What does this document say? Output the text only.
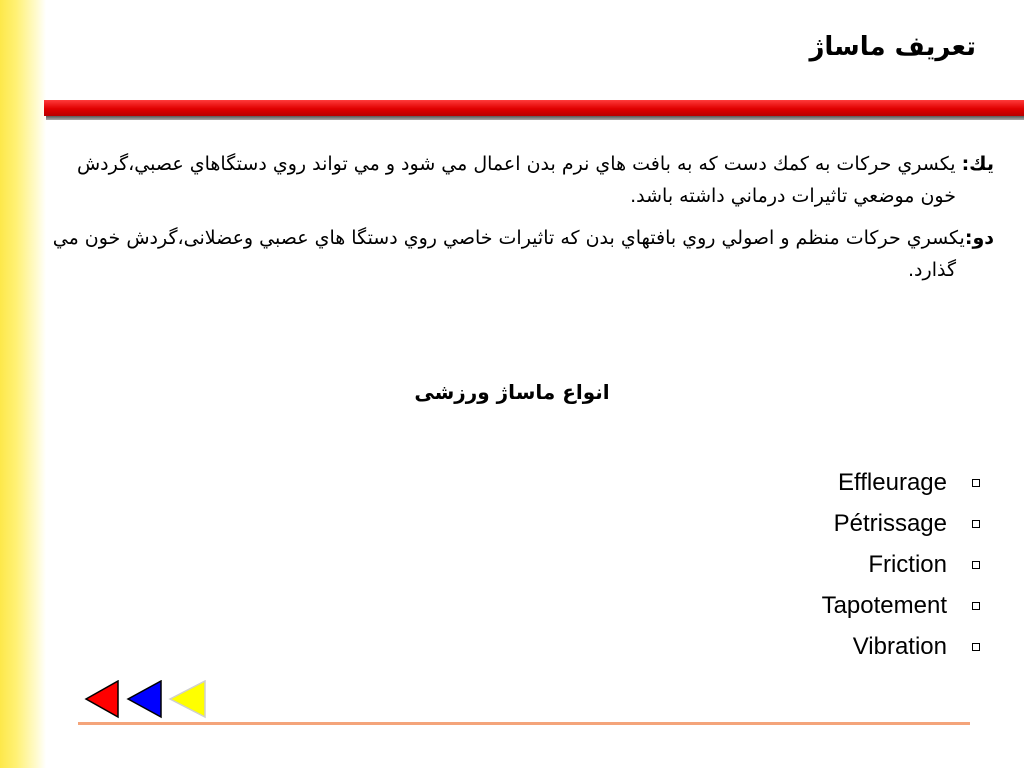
تعريف ماساژ

يك: يكسري حركات به كمك دست كه به بافت هاي نرم بدن اعمال مي شود و مي تواند روي دستگاهاي عصبي،گردش خون موضعي تاثيرات درماني داشته باشد.

دو:يكسري حركات منظم و اصولي روي بافتهاي بدن كه تاثيرات خاصي روي دستگا هاي عصبي وعضلانی،گردش خون مي گذارد.

انواع ماساژ ورزشی
Effleurage
Pétrissage
Friction
Tapotement
Vibration
